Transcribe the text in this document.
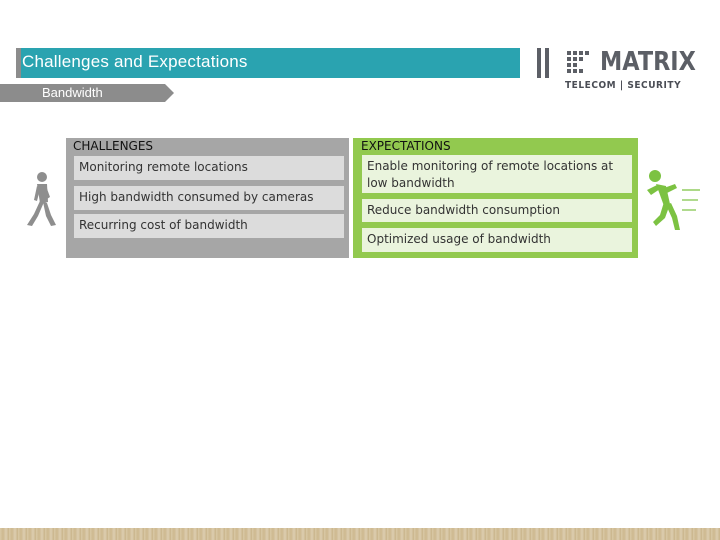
Challenges and Expectations
Bandwidth
MATRIX
TELECOM | SECURITY
CHALLENGES
Monitoring remote locations
High bandwidth consumed by cameras
Recurring cost of bandwidth
EXPECTATIONS
Enable monitoring of remote locations at low bandwidth
Reduce bandwidth consumption
Optimized usage of bandwidth
